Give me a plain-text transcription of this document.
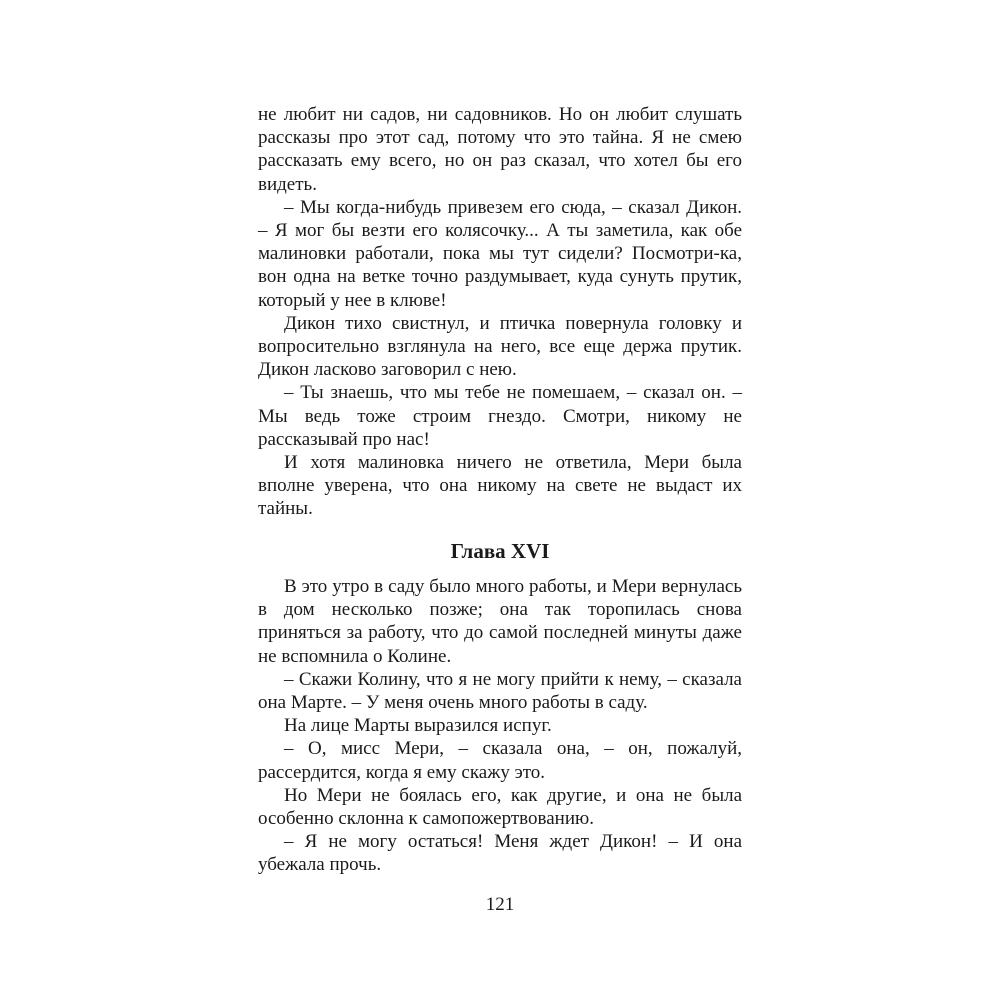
не любит ни садов, ни садовников. Но он любит слушать рассказы про этот сад, потому что это тайна. Я не смею рассказать ему всего, но он раз сказал, что хотел бы его видеть.

– Мы когда-нибудь привезем его сюда, – сказал Дикон. – Я мог бы везти его колясочку... А ты заметила, как обе малиновки работали, пока мы тут сидели? Посмотри-ка, вон одна на ветке точно раздумывает, куда сунуть прутик, который у нее в клюве!

Дикон тихо свистнул, и птичка повернула головку и вопросительно взглянула на него, все еще держа прутик. Дикон ласково заговорил с нею.

– Ты знаешь, что мы тебе не помешаем, – сказал он. – Мы ведь тоже строим гнездо. Смотри, никому не рассказывай про нас!

И хотя малиновка ничего не ответила, Мери была вполне уверена, что она никому на свете не выдаст их тайны.

Глава XVI

В это утро в саду было много работы, и Мери вернулась в дом несколько позже; она так торопилась снова приняться за работу, что до самой последней минуты даже не вспомнила о Колине.

– Скажи Колину, что я не могу прийти к нему, – сказала она Марте. – У меня очень много работы в саду.

На лице Марты выразился испуг.

– О, мисс Мери, – сказала она, – он, пожалуй, рассердится, когда я ему скажу это.

Но Мери не боялась его, как другие, и она не была особенно склонна к самопожертвованию.

– Я не могу остаться! Меня ждет Дикон! – И она убежала прочь.

121
